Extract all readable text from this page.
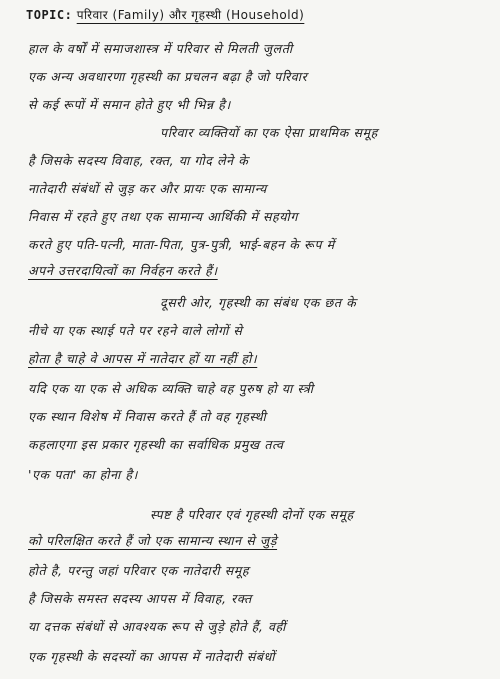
TOPIC: परिवार (Family) और गृहस्थी (Household)
हाल के वर्षों में समाजशास्त्र में परिवार से मिलती जुलती
एक अन्य अवधारणा गृहस्थी का प्रचलन बढ़ा है जो परिवार
से कई रूपों में समान होते हुए भी भिन्न है।
परिवार व्यक्तियों का एक ऐसा प्राथमिक समूह
है जिसके सदस्य विवाह, रक्त, या गोद लेने के
नातेदारी संबंधों से जुड़ कर और प्रायः एक सामान्य
निवास में रहते हुए तथा एक सामान्य आर्थिकी में सहयोग
करते हुए पति-पत्नी, माता-पिता, पुत्र-पुत्री, भाई-बहन के रूप में
अपने उत्तरदायित्वों का निर्वहन करते हैं।
दूसरी ओर, गृहस्थी का संबंध एक छत के
नीचे या एक स्थाई पते पर रहने वाले लोगों से
होता है चाहे वे आपस में नातेदार हों या नहीं हो।
यदि एक या एक से अधिक व्यक्ति चाहे वह पुरुष हो या स्त्री
एक स्थान विशेष में निवास करते हैं तो वह गृहस्थी
कहलाएगा इस प्रकार गृहस्थी का सर्वाधिक प्रमुख तत्व
'एक पता' का होना है।
स्पष्ट है परिवार एवं गृहस्थी दोनों एक समूह
को परिलक्षित करते हैं जो एक सामान्य स्थान से जुड़े
होते है, परन्तु जहां परिवार एक नातेदारी समूह
है जिसके समस्त सदस्य आपस में विवाह, रक्त
या दत्तक संबंधों से आवश्यक रूप से जुड़े होते हैं, वहीं
एक गृहस्थी के सदस्यों का आपस में नातेदारी संबंधों
